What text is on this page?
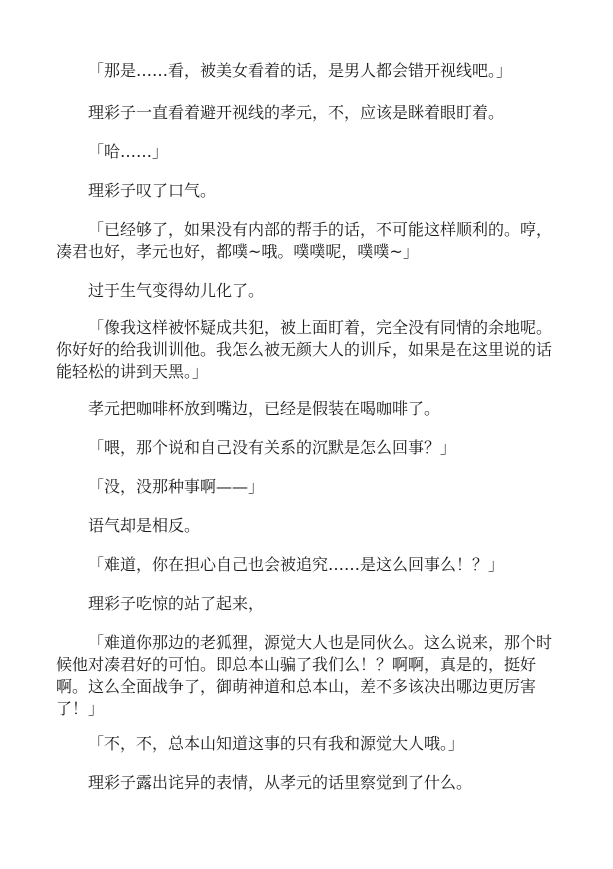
「那是……看，被美女看着的话，是男人都会错开视线吧。」

理彩子一直看着避开视线的孝元，不，应该是眯着眼盯着。

「哈……」

理彩子叹了口气。

「已经够了，如果没有内部的帮手的话，不可能这样顺利的。哼，凑君也好，孝元也好，都噗~哦。噗噗呢，噗噗~」

过于生气变得幼儿化了。

「像我这样被怀疑成共犯，被上面盯着，完全没有同情的余地呢。你好好的给我训训他。我怎么被无颜大人的训斥，如果是在这里说的话能轻松的讲到天黑。」

孝元把咖啡杯放到嘴边，已经是假装在喝咖啡了。

「喂，那个说和自己没有关系的沉默是怎么回事？」

「没，没那种事啊——」

语气却是相反。

「难道，你在担心自己也会被追究……是这么回事么！？」

理彩子吃惊的站了起来，

「难道你那边的老狐狸，源觉大人也是同伙么。这么说来，那个时候他对凑君好的可怕。即总本山骗了我们么！？啊啊，真是的，挺好啊。这么全面战争了，御萌神道和总本山，差不多该决出哪边更厉害了！」

「不，不，总本山知道这事的只有我和源觉大人哦。」

理彩子露出诧异的表情，从孝元的话里察觉到了什么。
